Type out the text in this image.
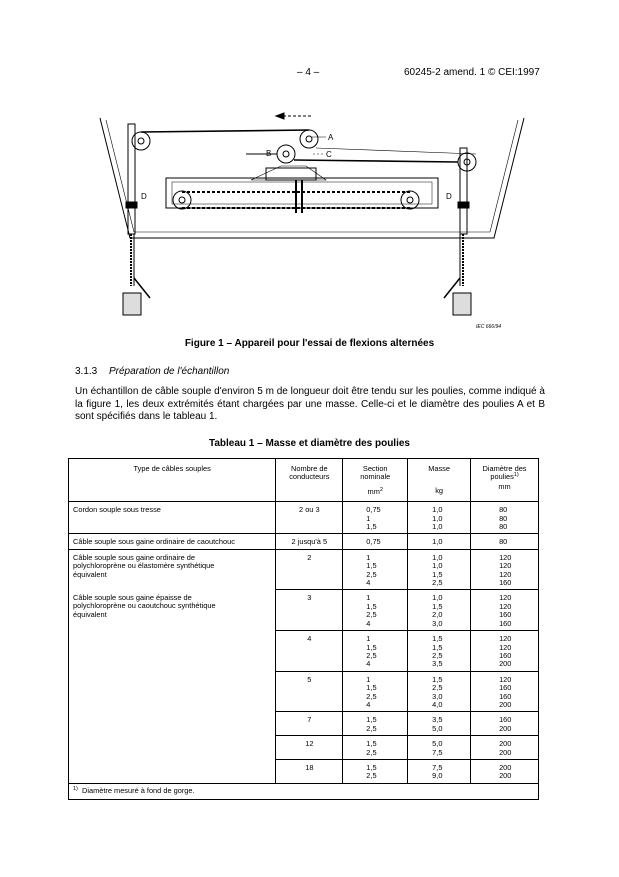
– 4 –	60245-2 amend. 1 © CEI:1997
A
B	C
D	D
IEC 666/94
Figure 1 – Appareil pour l'essai de flexions alternées
3.1.3 Préparation de l'échantillon

Un échantillon de câble souple d'environ 5 m de longueur doit être tendu sur les poulies, comme indiqué à la figure 1, les deux extrémités étant chargées par une masse. Celle-ci et le diamètre des poulies A et B sont spécifiés dans le tableau 1.

Tableau 1 – Masse et diamètre des poulies
Type de câbles souples	Nombre de
conducteurs	Section
nominale
$mm^2$	Masse
kg	Diamètre des
poulies$^{1)}$
mm

Cordon souple sous tresse	2 ou 3	0,75
1
1,5	1,0
1,0
1,0	80
80
80

Câble souple sous gaine ordinaire de caoutchouc	2 jusqu'à 5	0,75	1,0	80

Câble souple sous gaine ordinaire de
polychloroprène ou élastomère synthétique
équivalent	2	1
1,5
2,5
4	1,0
1,0
1,5
2,5	120
120
120
160

Câble souple sous gaine épaisse de
polychloroprène ou caoutchouc synthétique
équivalent	3	1
1,5
2,5
4	1,0
1,5
2,0
3,0	120
120
160
160

	4	1
1,5
2,5
4	1,5
1,5
2,5
3,5	120
120
160
200

	5	1
1,5
2,5
4	1,5
2,5
3,0
4,0	120
160
160
200

	7	1,5
2,5	3,5
5,0	160
200

	12	1,5
2,5	5,0
7,5	200
200

	18	1,5
2,5	7,5
9,0	200
200

$^{1)}$ Diamètre mesuré à fond de gorge.				
